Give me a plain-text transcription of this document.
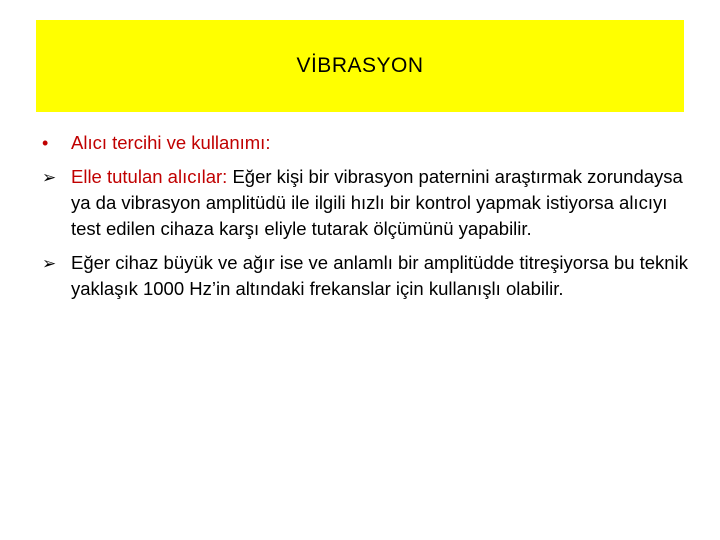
VİBRASYON
•	Alıcı tercihi ve kullanımı:
➢ Elle tutulan alıcılar: Eğer kişi bir vibrasyon paternini araştırmak zorundaysa ya da vibrasyon amplitüdü ile ilgili hızlı bir kontrol yapmak istiyorsa alıcıyı test edilen cihaza karşı eliyle tutarak ölçümünü yapabilir.
➢ Eğer cihaz büyük ve ağır ise ve anlamlı bir amplitüdde titreşiyorsa bu teknik yaklaşık 1000 Hz’in altındaki frekanslar için kullanışlı olabilir.
